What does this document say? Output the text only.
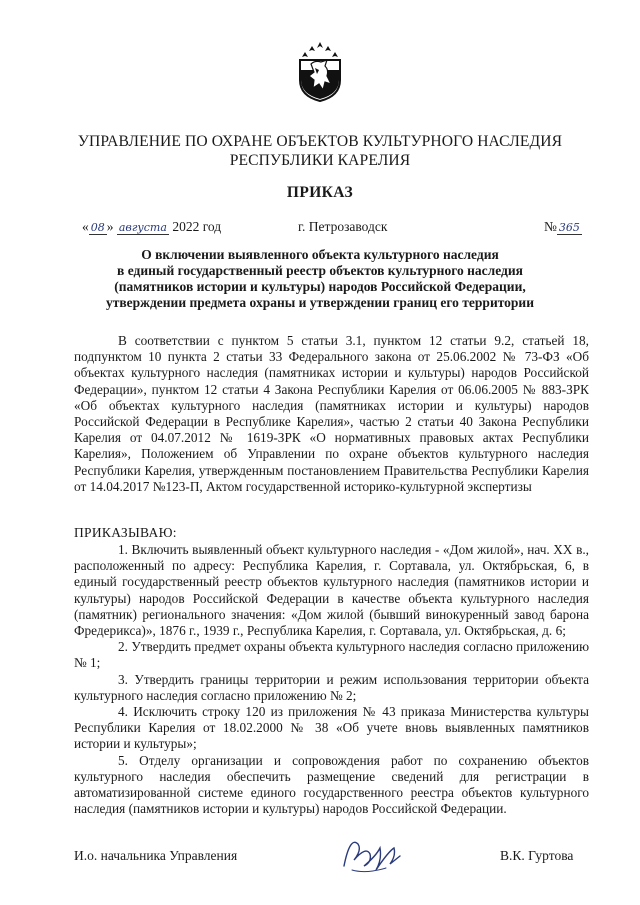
УПРАВЛЕНИЕ ПО ОХРАНЕ ОБЪЕКТОВ КУЛЬТУРНОГО НАСЛЕДИЯ
РЕСПУБЛИКИ КАРЕЛИЯ
ПРИКАЗ
« 08 » августа 2022 год	г. Петрозаводск	№ 365
О включении выявленного объекта культурного наследия
в единый государственный реестр объектов культурного наследия
(памятников истории и культуры) народов Российской Федерации,
утверждении предмета охраны и утверждении границ его территории

В соответствии с пунктом 5 статьи 3.1, пунктом 12 статьи 9.2, статьей 18, подпунктом 10 пункта 2 статьи 33 Федерального закона от 25.06.2002 № 73-ФЗ «Об объектах культурного наследия (памятниках истории и культуры) народов Российской Федерации», пунктом 12 статьи 4 Закона Республики Карелия от 06.06.2005 № 883-ЗРК «Об объектах культурного наследия (памятниках истории и культуры) народов Российской Федерации в Республике Карелия», частью 2 статьи 40 Закона Республики Карелия от 04.07.2012 № 1619-ЗРК «О нормативных правовых актах Республики Карелия», Положением об Управлении по охране объектов культурного наследия Республики Карелия, утвержденным постановлением Правительства Республики Карелия от 14.04.2017 №123-П, Актом государственной историко-культурной экспертизы

ПРИКАЗЫВАЮ:

1. Включить выявленный объект культурного наследия - «Дом жилой», нач. XX в., расположенный по адресу: Республика Карелия, г. Сортавала, ул. Октябрьская, 6, в единый государственный реестр объектов культурного наследия (памятников истории и культуры) народов Российской Федерации в качестве объекта культурного наследия (памятник) регионального значения: «Дом жилой (бывший винокуренный завод барона Фредерикса)», 1876 г., 1939 г., Республика Карелия, г. Сортавала, ул. Октябрьская, д. 6;

2. Утвердить предмет охраны объекта культурного наследия согласно приложению № 1;

3. Утвердить границы территории и режим использования территории объекта культурного наследия согласно приложению № 2;

4. Исключить строку 120 из приложения № 43 приказа Министерства культуры Республики Карелия от 18.02.2000 № 38 «Об учете вновь выявленных памятников истории и культуры»;

5. Отделу организации и сопровождения работ по сохранению объектов культурного наследия обеспечить размещение сведений для регистрации в автоматизированной системе единого государственного реестра объектов культурного наследия (памятников истории и культуры) народов Российской Федерации.

И.о. начальника Управления	В.К. Гуртова
